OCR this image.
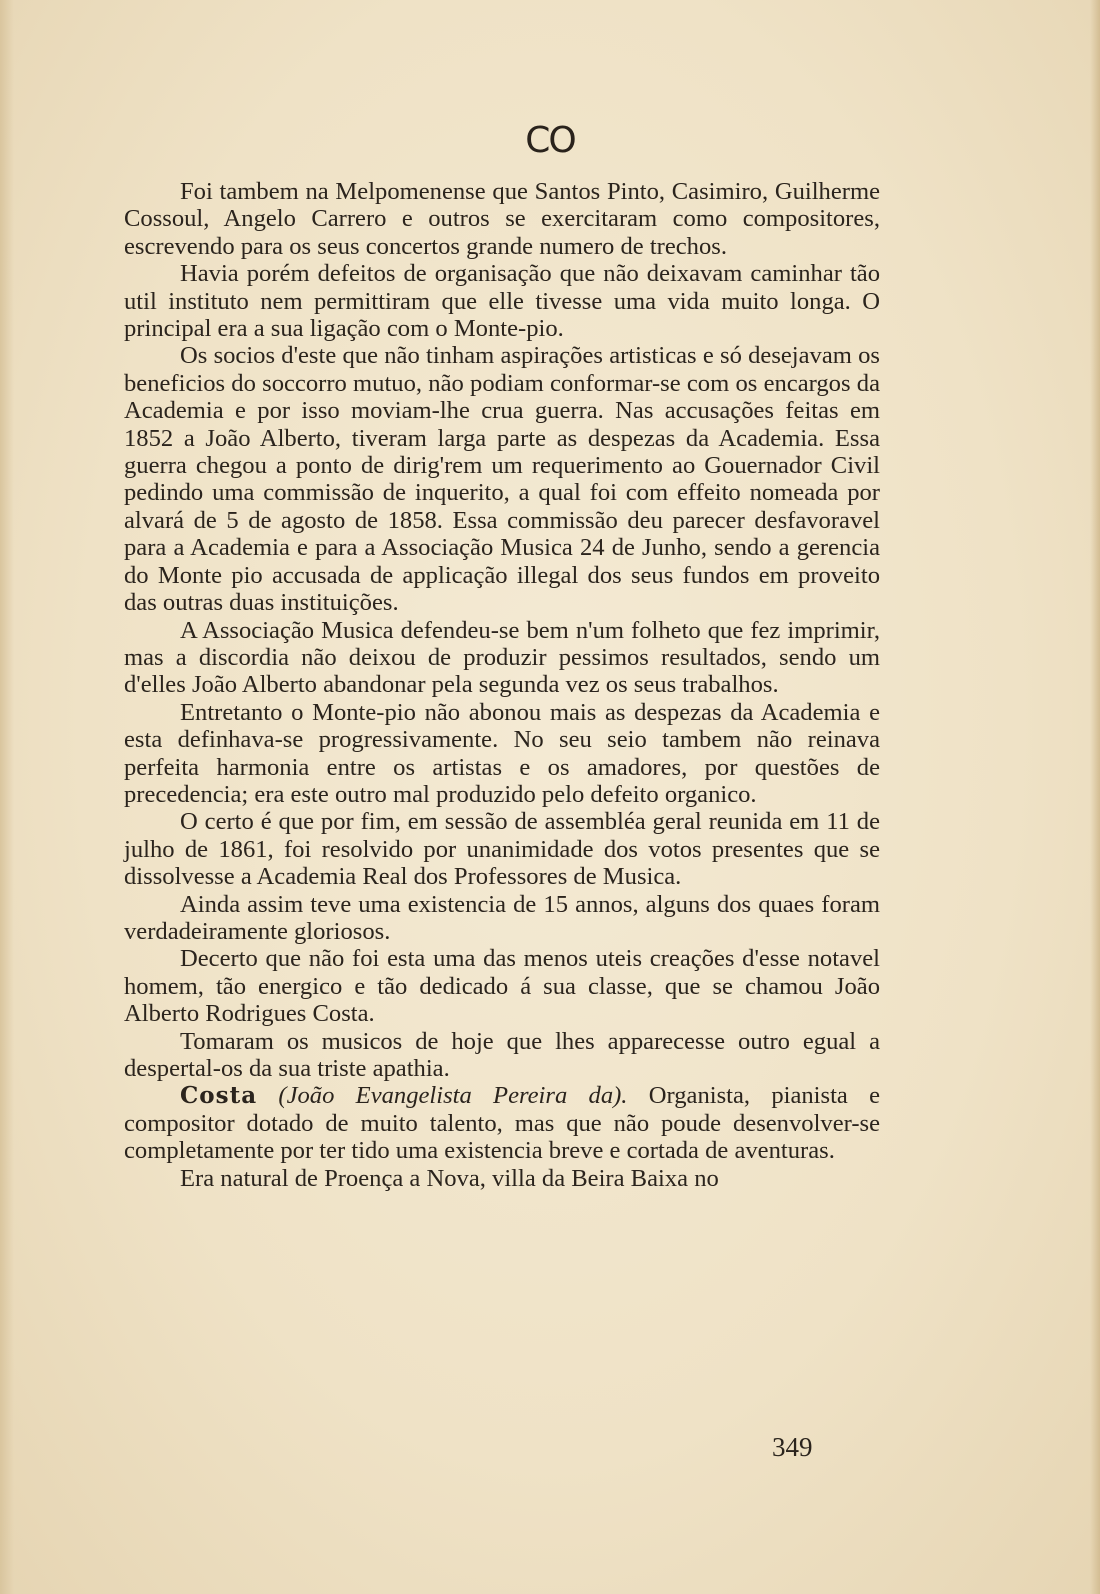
CO

Foi tambem na Melpomenense que Santos Pinto, Casimiro, Guilherme Cossoul, Angelo Carrero e outros se exercitaram como compositores, escrevendo para os seus concertos grande numero de trechos.

Havia porém defeitos de organisação que não deixavam caminhar tão util instituto nem permittiram que elle tivesse uma vida muito longa. O principal era a sua ligação com o Monte-pio.

Os socios d'este que não tinham aspirações artisticas e só desejavam os beneficios do soccorro mutuo, não podiam conformar-se com os encargos da Academia e por isso moviam-lhe crua guerra. Nas accusações feitas em 1852 a João Alberto, tiveram larga parte as despezas da Academia. Essa guerra chegou a ponto de dirig'rem um requerimento ao Gouernador Civil pedindo uma commissão de inquerito, a qual foi com effeito nomeada por alvará de 5 de agosto de 1858. Essa commissão deu parecer desfavoravel para a Academia e para a Associação Musica 24 de Junho, sendo a gerencia do Monte pio accusada de applicação illegal dos seus fundos em proveito das outras duas instituições.

A Associação Musica defendeu-se bem n'um folheto que fez imprimir, mas a discordia não deixou de produzir pessimos resultados, sendo um d'elles João Alberto abandonar pela segunda vez os seus trabalhos.

Entretanto o Monte-pio não abonou mais as despezas da Academia e esta definhava-se progressivamente. No seu seio tambem não reinava perfeita harmonia entre os artistas e os amadores, por questões de precedencia; era este outro mal produzido pelo defeito organico.

O certo é que por fim, em sessão de assembléa geral reunida em 11 de julho de 1861, foi resolvido por unanimidade dos votos presentes que se dissolvesse a Academia Real dos Professores de Musica.

Ainda assim teve uma existencia de 15 annos, alguns dos quaes foram verdadeiramente gloriosos.

Decerto que não foi esta uma das menos uteis creações d'esse notavel homem, tão energico e tão dedicado á sua classe, que se chamou João Alberto Rodrigues Costa.

Tomaram os musicos de hoje que lhes apparecesse outro egual a despertal-os da sua triste apathia.

Costa (João Evangelista Pereira da). Organista, pianista e compositor dotado de muito talento, mas que não poude desenvolver-se completamente por ter tido uma existencia breve e cortada de aventuras.

Era natural de Proença a Nova, villa da Beira Baixa no

349
